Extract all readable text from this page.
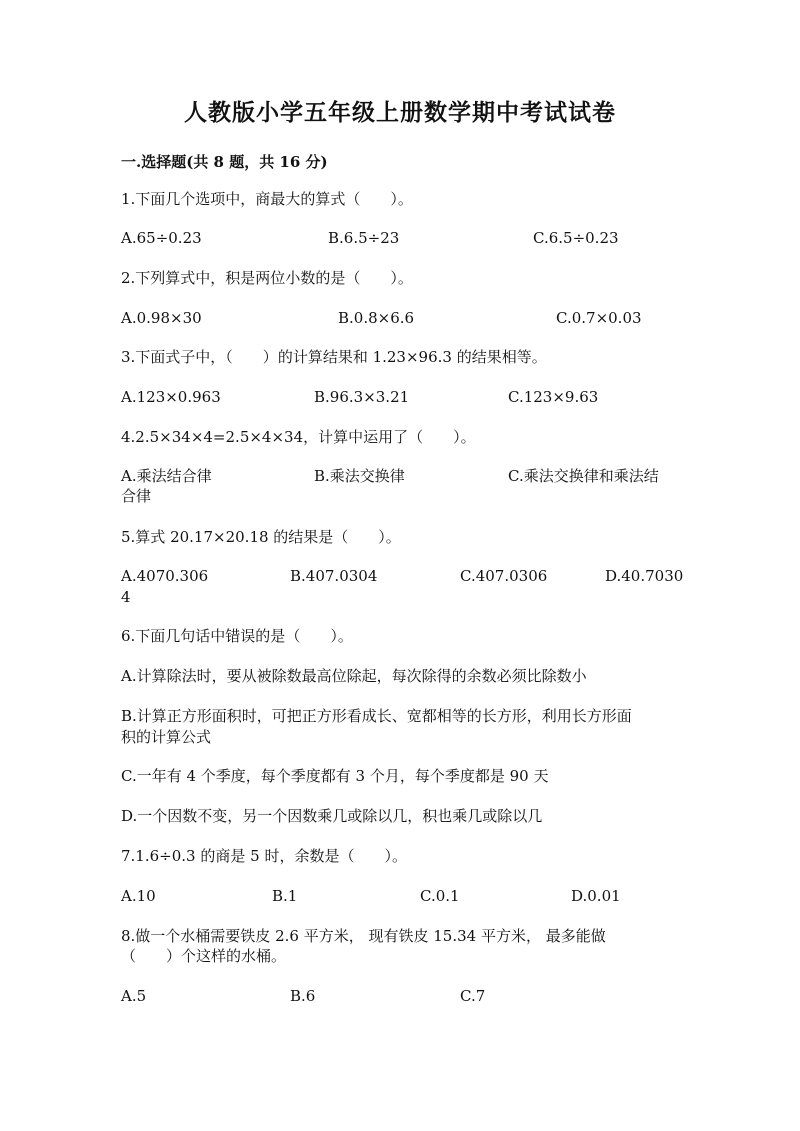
人教版小学五年级上册数学期中考试试卷
一.选择题(共 8 题，共 16 分)
1.下面几个选项中，商最大的算式（　　）。
A.65÷0.23	B.6.5÷23	C.6.5÷0.23
2.下列算式中，积是两位小数的是（　　）。
A.0.98×30	B.0.8×6.6	C.0.7×0.03
3.下面式子中，（　　）的计算结果和 1.23×96.3 的结果相等。
A.123×0.963	B.96.3×3.21	C.123×9.63
4.2.5×34×4=2.5×4×34，计算中运用了（　　）。
A.乘法结合律	B.乘法交换律	C.乘法交换律和乘法结
合律
5.算式 20.17×20.18 的结果是（　　）。
A.4070.306	B.407.0304	C.407.0306	D.40.7030
4
6.下面几句话中错误的是（　　）。
A.计算除法时，要从被除数最高位除起，每次除得的余数必须比除数小
B.计算正方形面积时，可把正方形看成长、宽都相等的长方形，利用长方形面
积的计算公式
C.一年有 4 个季度，每个季度都有 3 个月，每个季度都是 90 天
D.一个因数不变，另一个因数乘几或除以几，积也乘几或除以几
7.1.6÷0.3 的商是 5 时，余数是（　　）。
A.10	B.1	C.0.1	D.0.01
8.做一个水桶需要铁皮 2.6 平方米， 现有铁皮 15.34 平方米， 最多能做
（　　）个这样的水桶。
A.5	B.6	C.7
